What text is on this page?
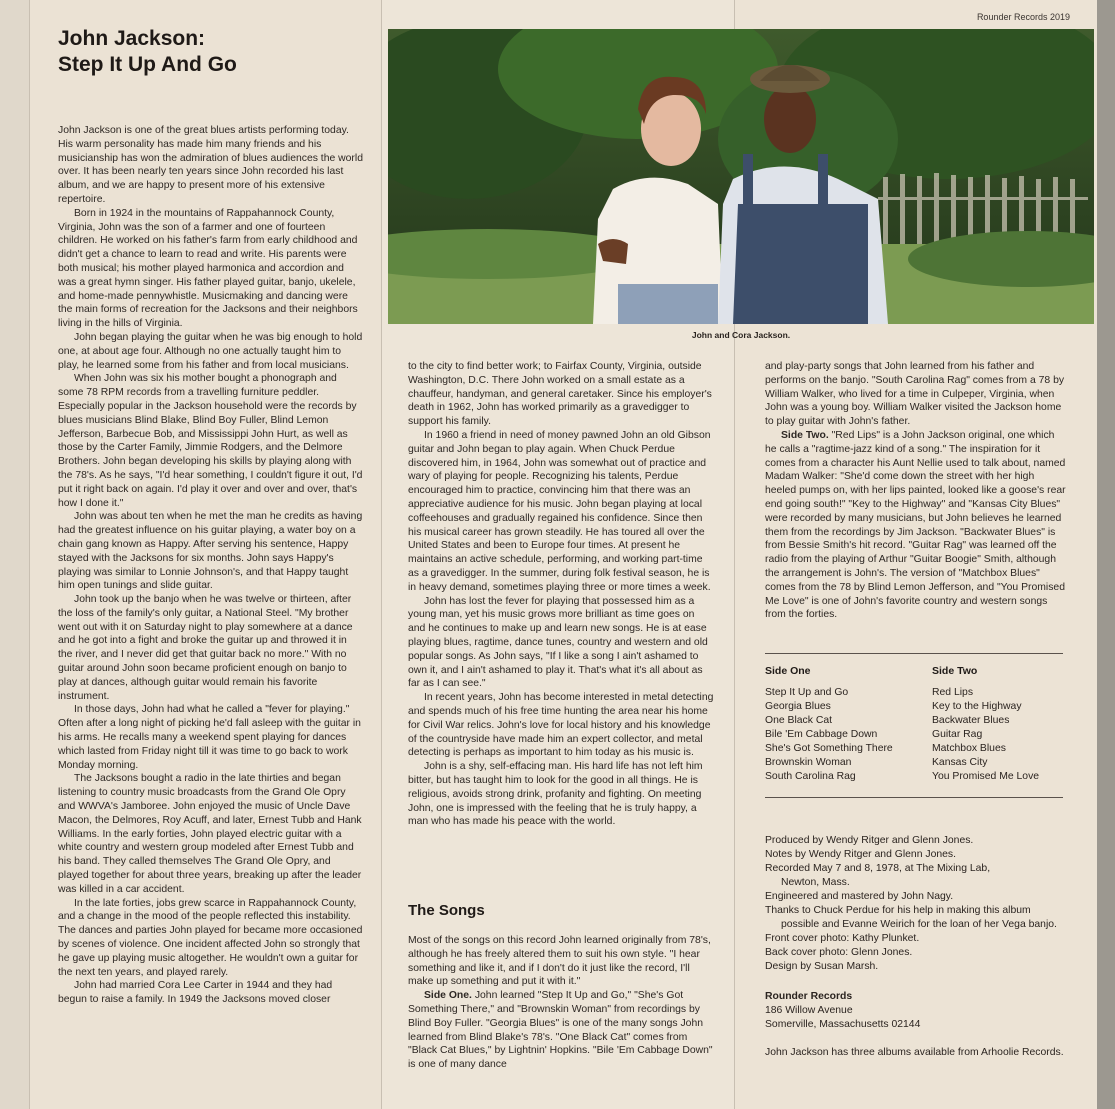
Rounder Records 2019
John Jackson:
Step It Up And Go

John Jackson is one of the great blues artists performing today. His warm personality has made him many friends and his musicianship has won the admiration of blues audiences the world over. It has been nearly ten years since John recorded his last album, and we are happy to present more of his extensive repertoire.

Born in 1924 in the mountains of Rappahannock County, Virginia, John was the son of a farmer and one of fourteen children. He worked on his father's farm from early childhood and didn't get a chance to learn to read and write. His parents were both musical; his mother played harmonica and accordion and was a great hymn singer. His father played guitar, banjo, ukelele, and home-made pennywhistle. Musicmaking and dancing were the main forms of recreation for the Jacksons and their neighbors living in the hills of Virginia.

John began playing the guitar when he was big enough to hold one, at about age four. Although no one actually taught him to play, he learned some from his father and from local musicians.

When John was six his mother bought a phonograph and some 78 RPM records from a travelling furniture peddler. Especially popular in the Jackson household were the records by blues musicians Blind Blake, Blind Boy Fuller, Blind Lemon Jefferson, Barbecue Bob, and Mississippi John Hurt, as well as those by the Carter Family, Jimmie Rodgers, and the Delmore Brothers. John began developing his skills by playing along with the 78's. As he says, "I'd hear something, I couldn't figure it out, I'd put it right back on again. I'd play it over and over and over, that's how I done it."

John was about ten when he met the man he credits as having had the greatest influence on his guitar playing, a water boy on a chain gang known as Happy. After serving his sentence, Happy stayed with the Jacksons for six months. John says Happy's playing was similar to Lonnie Johnson's, and that Happy taught him open tunings and slide guitar.

John took up the banjo when he was twelve or thirteen, after the loss of the family's only guitar, a National Steel. "My brother went out with it on Saturday night to play somewhere at a dance and he got into a fight and broke the guitar up and throwed it in the river, and I never did get that guitar back no more." With no guitar around John soon became proficient enough on banjo to play at dances, although guitar would remain his favorite instrument.

In those days, John had what he called a "fever for playing." Often after a long night of picking he'd fall asleep with the guitar in his arms. He recalls many a weekend spent playing for dances which lasted from Friday night till it was time to go back to work Monday morning.

The Jacksons bought a radio in the late thirties and began listening to country music broadcasts from the Grand Ole Opry and WWVA's Jamboree. John enjoyed the music of Uncle Dave Macon, the Delmores, Roy Acuff, and later, Ernest Tubb and Hank Williams. In the early forties, John played electric guitar with a white country and western group modeled after Ernest Tubb and his band. They called themselves The Grand Ole Opry, and played together for about three years, breaking up after the leader was killed in a car accident.

In the late forties, jobs grew scarce in Rappahannock County, and a change in the mood of the people reflected this instability. The dances and parties John played for became more occasioned by scenes of violence. One incident affected John so strongly that he gave up playing music altogether. He wouldn't own a guitar for the next ten years, and played rarely.

John had married Cora Lee Carter in 1944 and they had begun to raise a family. In 1949 the Jacksons moved closer

John and Cora Jackson.

to the city to find better work; to Fairfax County, Virginia, outside Washington, D.C. There John worked on a small estate as a chauffeur, handyman, and general caretaker. Since his employer's death in 1962, John has worked primarily as a gravedigger to support his family.

In 1960 a friend in need of money pawned John an old Gibson guitar and John began to play again. When Chuck Perdue discovered him, in 1964, John was somewhat out of practice and wary of playing for people. Recognizing his talents, Perdue encouraged him to practice, convincing him that there was an appreciative audience for his music. John began playing at local coffeehouses and gradually regained his confidence. Since then his musical career has grown steadily. He has toured all over the United States and been to Europe four times. At present he maintains an active schedule, performing, and working part-time as a gravedigger. In the summer, during folk festival season, he is in heavy demand, sometimes playing three or more times a week.

John has lost the fever for playing that possessed him as a young man, yet his music grows more brilliant as time goes on and he continues to make up and learn new songs. He is at ease playing blues, ragtime, dance tunes, country and western and old popular songs. As John says, "If I like a song I ain't ashamed to own it, and I ain't ashamed to play it. That's what it's all about as far as I can see."

In recent years, John has become interested in metal detecting and spends much of his free time hunting the area near his home for Civil War relics. John's love for local history and his knowledge of the countryside have made him an expert collector, and metal detecting is perhaps as important to him today as his music is.

John is a shy, self-effacing man. His hard life has not left him bitter, but has taught him to look for the good in all things. He is religious, avoids strong drink, profanity and fighting. On meeting John, one is impressed with the feeling that he is truly happy, a man who has made his peace with the world.

The Songs

Most of the songs on this record John learned originally from 78's, although he has freely altered them to suit his own style. "I hear something and like it, and if I don't do it just like the record, I'll make up something and put it with it."

Side One. John learned "Step It Up and Go," "She's Got Something There," and "Brownskin Woman" from recordings by Blind Boy Fuller. "Georgia Blues" is one of the many songs John learned from Blind Blake's 78's. "One Black Cat" comes from "Black Cat Blues," by Lightnin' Hopkins. "Bile 'Em Cabbage Down" is one of many dance

and play-party songs that John learned from his father and performs on the banjo. "South Carolina Rag" comes from a 78 by William Walker, who lived for a time in Culpeper, Virginia, when John was a young boy. William Walker visited the Jackson home to play guitar with John's father.

Side Two. "Red Lips" is a John Jackson original, one which he calls a "ragtime-jazz kind of a song." The inspiration for it comes from a character his Aunt Nellie used to talk about, named Madam Walker: "She'd come down the street with her high heeled pumps on, with her lips painted, looked like a goose's rear end going south!" "Key to the Highway" and "Kansas City Blues" were recorded by many musicians, but John believes he learned them from the recordings by Jim Jackson. "Backwater Blues" is from Bessie Smith's hit record. "Guitar Rag" was learned off the radio from the playing of Arthur "Guitar Boogie" Smith, although the arrangement is John's. The version of "Matchbox Blues" comes from the 78 by Blind Lemon Jefferson, and "You Promised Me Love" is one of John's favorite country and western songs from the forties.

Side One	Side Two
Step It Up and Go
Georgia Blues
One Black Cat
Bile 'Em Cabbage Down
She's Got Something There
Brownskin Woman
South Carolina Rag
Red Lips
Key to the Highway
Backwater Blues
Guitar Rag
Matchbox Blues
Kansas City
You Promised Me Love
Produced by Wendy Ritger and Glenn Jones.
Notes by Wendy Ritger and Glenn Jones.
Recorded May 7 and 8, 1978, at The Mixing Lab,
Newton, Mass.
Engineered and mastered by John Nagy.
Thanks to Chuck Perdue for his help in making this album
possible and Evanne Weirich for the loan of her Vega banjo.
Front cover photo: Kathy Plunket.
Back cover photo: Glenn Jones.
Design by Susan Marsh.
Rounder Records
186 Willow Avenue
Somerville, Massachusetts 02144
John Jackson has three albums available from Arhoolie Records.
